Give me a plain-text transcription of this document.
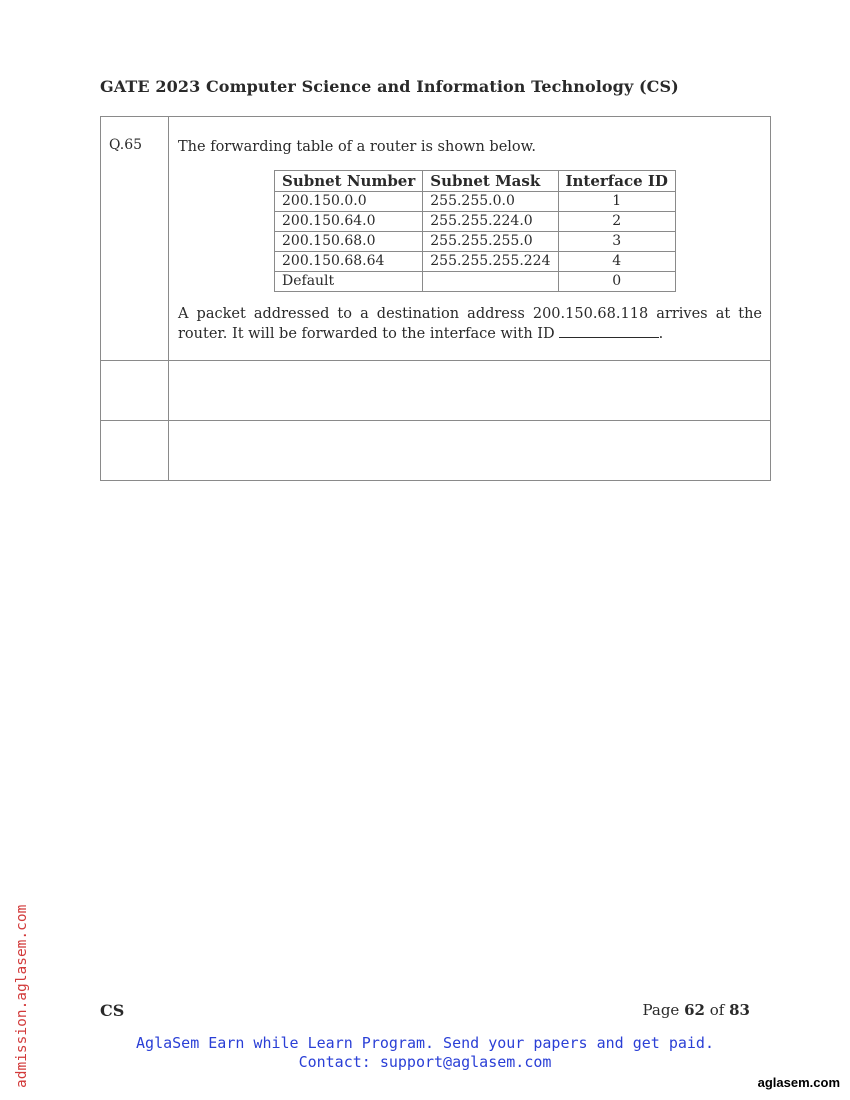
GATE 2023 Computer Science and Information Technology (CS)
Q.65	The forwarding table of a router is shown below.
Subnet Number	Subnet Mask	Interface ID
200.150.0.0	255.255.0.0	1
200.150.64.0	255.255.224.0	2
200.150.68.0	255.255.255.0	3
200.150.68.64	255.255.255.224	4
Default		0
A packet addressed to a destination address 200.150.68.118 arrives at the router. It will be forwarded to the interface with ID	.

CS	Page 62 of 83
AglaSem Earn while Learn Program. Send your papers and get paid.
Contact: support@aglasem.com
admission.aglasem.com	aglasem.com
